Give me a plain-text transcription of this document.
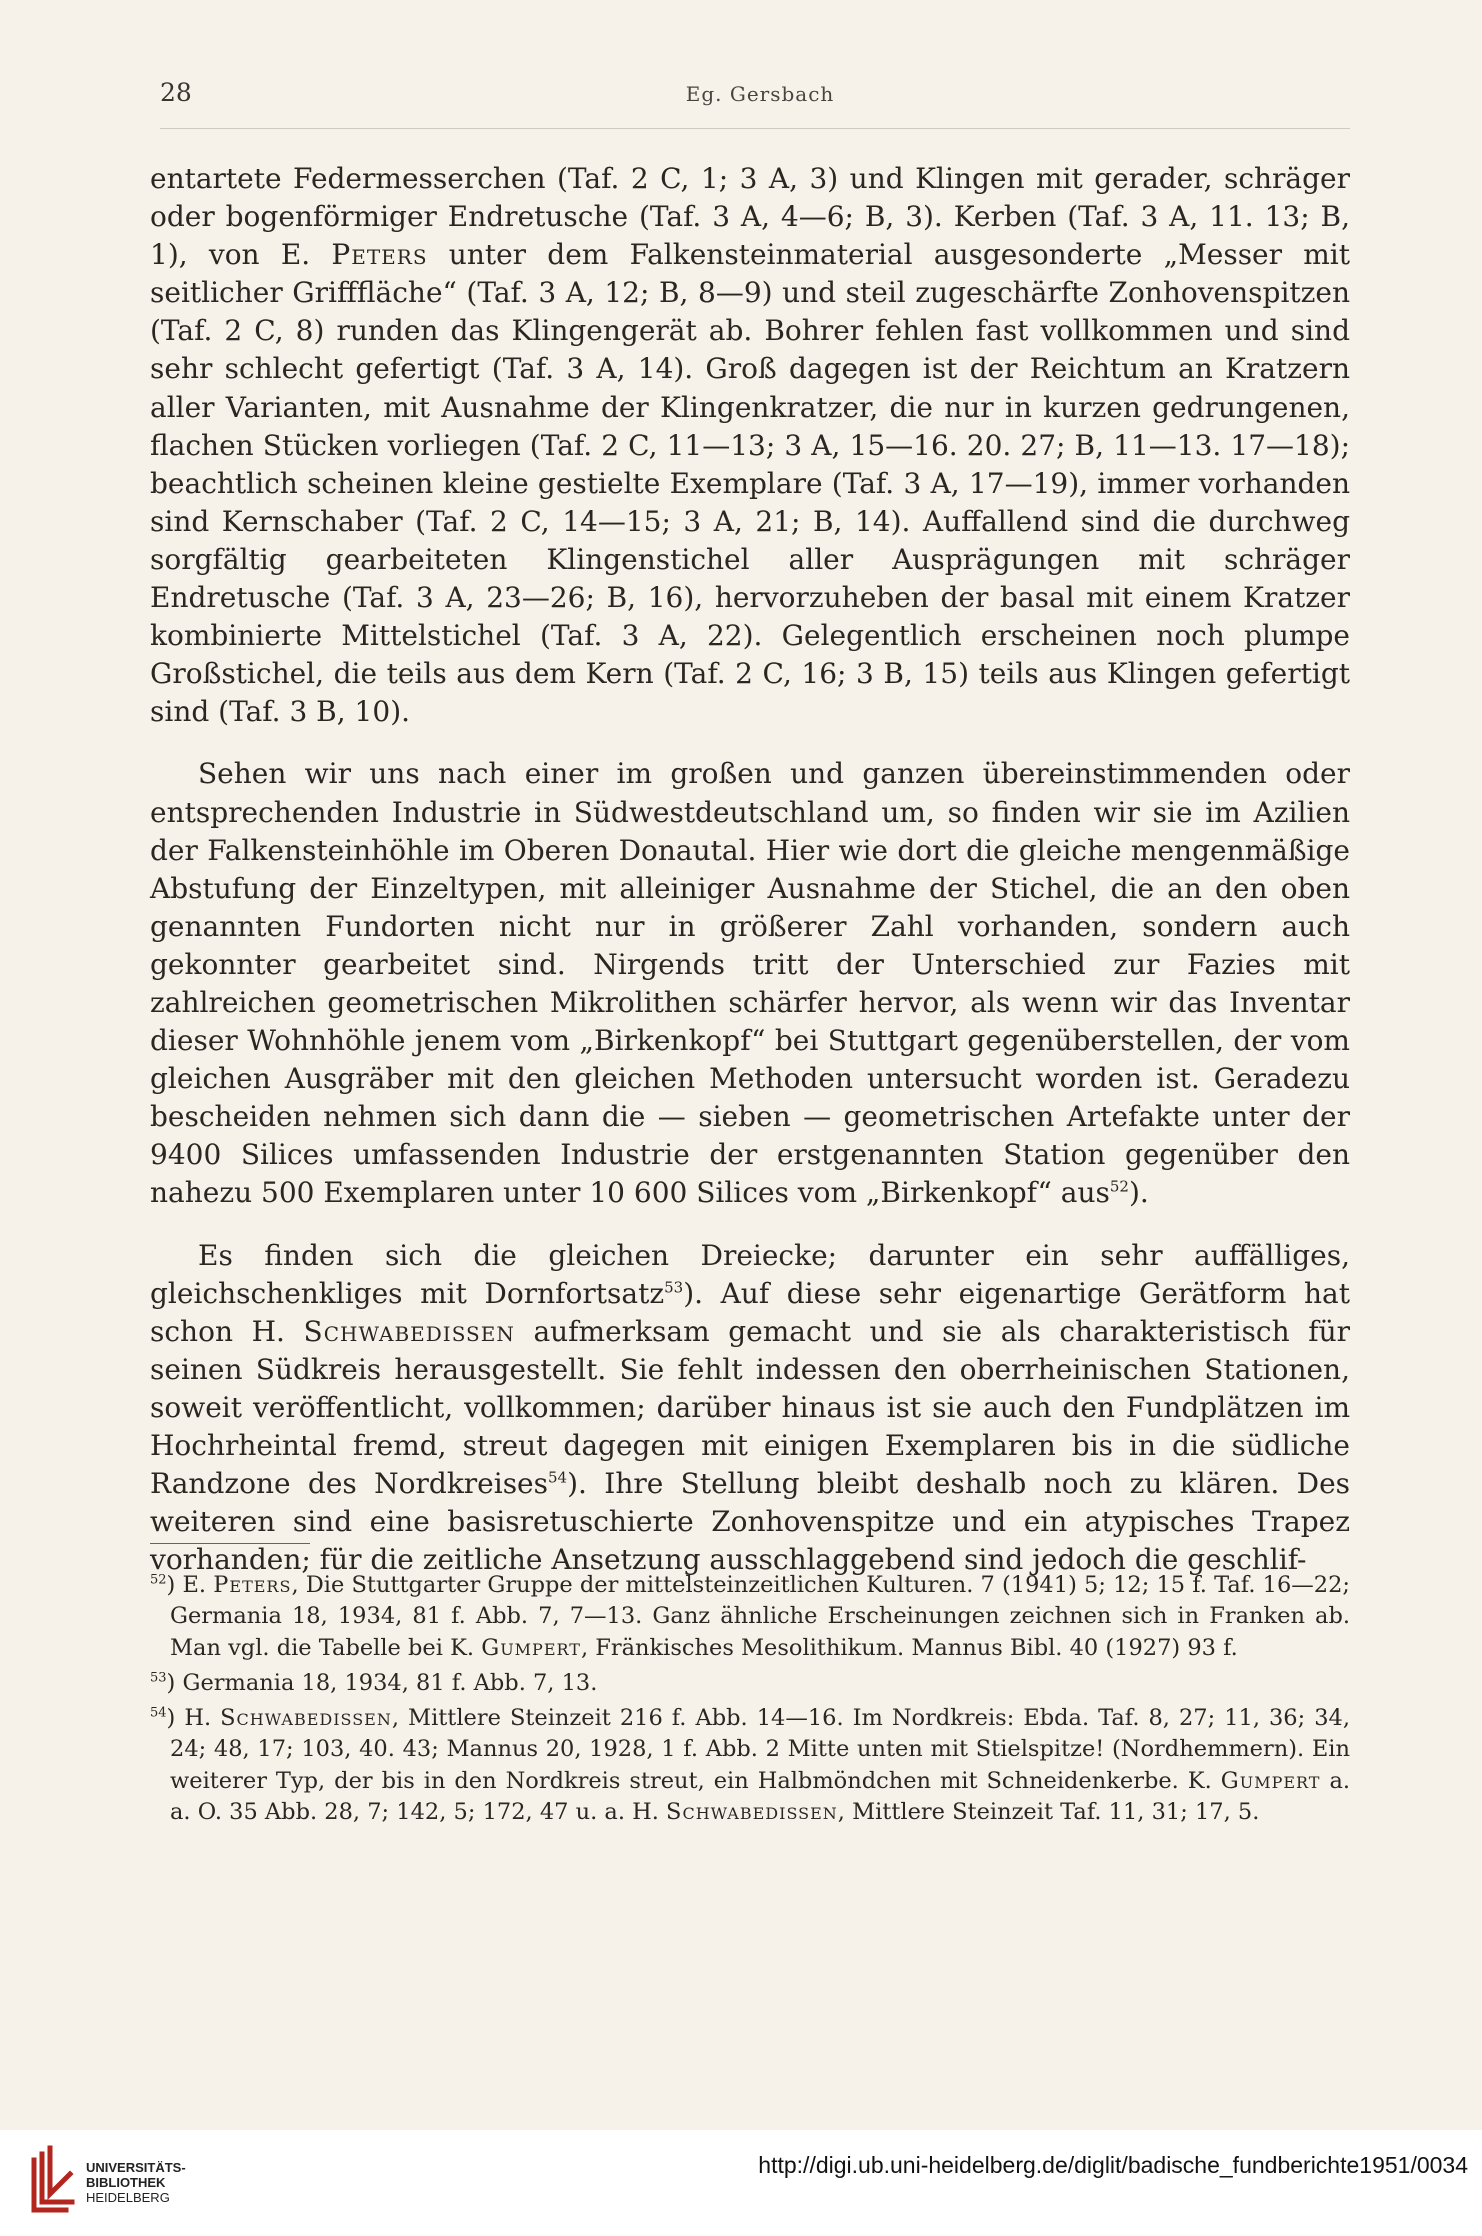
28	Eg. Gersbach

entartete Federmesserchen (Taf. 2 C, 1; 3 A, 3) und Klingen mit gerader, schräger oder bogenförmiger Endretusche (Taf. 3 A, 4—6; B, 3). Kerben (Taf. 3 A, 11. 13; B, 1), von E. Peters unter dem Falkensteinmaterial ausgesonderte „Messer mit seitlicher Grifffläche“ (Taf. 3 A, 12; B, 8—9) und steil zugeschärfte Zonhovenspitzen (Taf. 2 C, 8) runden das Klingengerät ab. Bohrer fehlen fast vollkommen und sind sehr schlecht gefertigt (Taf. 3 A, 14). Groß dagegen ist der Reichtum an Kratzern aller Varianten, mit Ausnahme der Klingenkratzer, die nur in kurzen gedrungenen, flachen Stücken vorliegen (Taf. 2 C, 11—13; 3 A, 15—16. 20. 27; B, 11—13. 17—18); beachtlich scheinen kleine gestielte Exemplare (Taf. 3 A, 17—19), immer vorhanden sind Kernschaber (Taf. 2 C, 14—15; 3 A, 21; B, 14). Auffallend sind die durchweg sorgfältig gearbeiteten Klingenstichel aller Ausprägungen mit schräger Endretusche (Taf. 3 A, 23—26; B, 16), hervorzuheben der basal mit einem Kratzer kombinierte Mittelstichel (Taf. 3 A, 22). Gelegentlich erscheinen noch plumpe Großstichel, die teils aus dem Kern (Taf. 2 C, 16; 3 B, 15) teils aus Klingen gefertigt sind (Taf. 3 B, 10).

Sehen wir uns nach einer im großen und ganzen übereinstimmenden oder entsprechenden Industrie in Südwestdeutschland um, so finden wir sie im Azilien der Falkensteinhöhle im Oberen Donautal. Hier wie dort die gleiche mengenmäßige Abstufung der Einzeltypen, mit alleiniger Ausnahme der Stichel, die an den oben genannten Fundorten nicht nur in größerer Zahl vorhanden, sondern auch gekonnter gearbeitet sind. Nirgends tritt der Unterschied zur Fazies mit zahlreichen geometrischen Mikrolithen schärfer hervor, als wenn wir das Inventar dieser Wohnhöhle jenem vom „Birkenkopf“ bei Stuttgart gegenüberstellen, der vom gleichen Ausgräber mit den gleichen Methoden untersucht worden ist. Geradezu bescheiden nehmen sich dann die — sieben — geometrischen Artefakte unter der 9400 Silices umfassenden Industrie der erstgenannten Station gegenüber den nahezu 500 Exemplaren unter 10 600 Silices vom „Birkenkopf“ aus$^{52}$).

Es finden sich die gleichen Dreiecke; darunter ein sehr auffälliges, gleichschenkliges mit Dornfortsatz$^{53}$). Auf diese sehr eigenartige Gerätform hat schon H. Schwabedissen aufmerksam gemacht und sie als charakteristisch für seinen Südkreis herausgestellt. Sie fehlt indessen den oberrheinischen Stationen, soweit veröffentlicht, vollkommen; darüber hinaus ist sie auch den Fundplätzen im Hochrheintal fremd, streut dagegen mit einigen Exemplaren bis in die südliche Randzone des Nordkreises$^{54}$). Ihre Stellung bleibt deshalb noch zu klären. Des weiteren sind eine basisretuschierte Zonhovenspitze und ein atypisches Trapez vorhanden; für die zeitliche Ansetzung ausschlaggebend sind jedoch die geschlif-

$^{52}$) E. Peters, Die Stuttgarter Gruppe der mittelsteinzeitlichen Kulturen. 7 (1941) 5; 12; 15 f. Taf. 16—22; Germania 18, 1934, 81 f. Abb. 7, 7—13. Ganz ähnliche Erscheinungen zeichnen sich in Franken ab. Man vgl. die Tabelle bei K. Gumpert, Fränkisches Mesolithikum. Mannus Bibl. 40 (1927) 93 f.

$^{53}$) Germania 18, 1934, 81 f. Abb. 7, 13.

$^{54}$) H. Schwabedissen, Mittlere Steinzeit 216 f. Abb. 14—16. Im Nordkreis: Ebda. Taf. 8, 27; 11, 36; 34, 24; 48, 17; 103, 40. 43; Mannus 20, 1928, 1 f. Abb. 2 Mitte unten mit Stielspitze! (Nordhemmern). Ein weiterer Typ, der bis in den Nordkreis streut, ein Halbmöndchen mit Schneidenkerbe. K. Gumpert a. a. O. 35 Abb. 28, 7; 142, 5; 172, 47 u. a. H. Schwabedissen, Mittlere Steinzeit Taf. 11, 31; 17, 5.

UNIVERSITÄTS-
BIBLIOTHEK
HEIDELBERG
http://digi.ub.uni-heidelberg.de/diglit/badische_fundberichte1951/0034
